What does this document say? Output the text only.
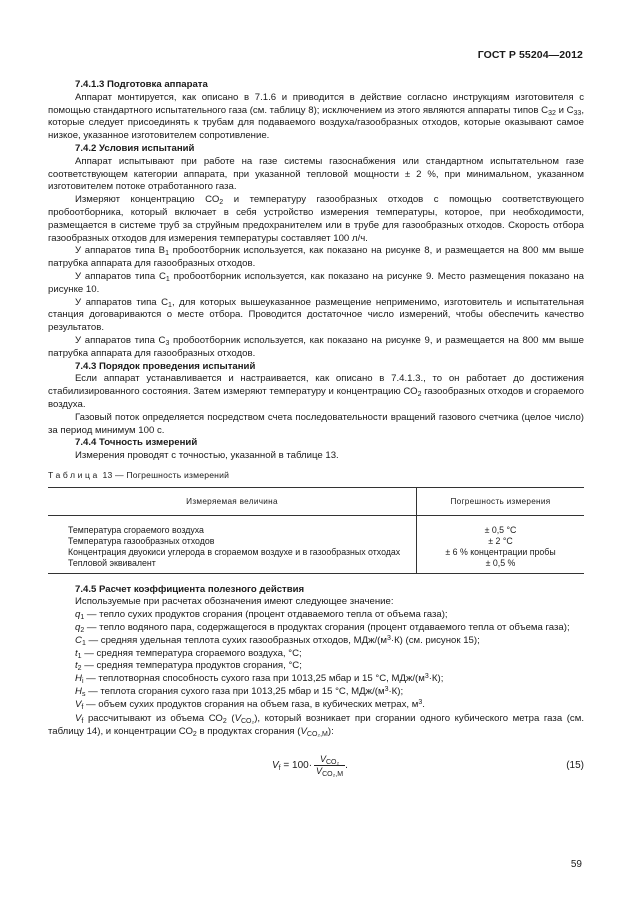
ГОСТ Р 55204—2012

7.4.1.3 Подготовка аппарата

Аппарат монтируется, как описано в 7.1.6 и приводится в действие согласно инструкциям изготовителя с помощью стандартного испытательного газа (см. таблицу 8); исключением из этого являются аппараты типов $С_{32}$ и $С_{33}$, которые следует присоединять к трубам для подаваемого воздуха/газообразных отходов, которые оказывают самое низкое, указанное изготовителем сопротивление.

7.4.2 Условия испытаний

Аппарат испытывают при работе на газе системы газоснабжения или стандартном испытательном газе соответствующем категории аппарата, при указанной тепловой мощности ± 2 %, при минимальном, указанном изготовителем потоке отработанного газа.

Измеряют концентрацию $СО_2$ и температуру газообразных отходов с помощью соответствующего пробоотборника, который включает в себя устройство измерения температуры, которое, при необходимости, размещается в системе труб за струйным предохранителем или в трубе для газообразных отходов. Скорость отбора газообразных отходов для измерения температуры составляет 100 л/ч.

У аппаратов типа $В_1$ пробоотборник используется, как показано на рисунке 8, и размещается на 800 мм выше патрубка аппарата для газообразных отходов.

У аппаратов типа $С_1$ пробоотборник используется, как показано на рисунке 9. Место размещения показано на рисунке 10.

У аппаратов типа $С_1$, для которых вышеуказанное размещение неприменимо, изготовитель и испытательная станция договариваются о месте отбора. Проводится достаточное число измерений, чтобы обеспечить качество результатов.

У аппаратов типа $С_3$ пробоотборник используется, как показано на рисунке 9, и размещается на 800 мм выше патрубка аппарата для газообразных отходов.

7.4.3 Порядок проведения испытаний

Если аппарат устанавливается и настраивается, как описано в 7.4.1.3., то он работает до достижения стабилизированного состояния. Затем измеряют температуру и концентрацию $СО_2$ газообразных отходов и сгораемого воздуха.

Газовый поток определяется посредством счета последовательности вращений газового счетчика (целое число) за период минимум 100 с.

7.4.4 Точность измерений

Измерения проводят с точностью, указанной в таблице 13.

Таблица 13 — Погрешность измерений
Измеряемая величина	Погрешность измерения

Температура сгораемого воздуха	± 0,5 °С

Температура газообразных отходов	± 2 °С

Концентрация двуокиси углерода в сгораемом воздухе и в газообразных отходах	± 6 % концентрации пробы

Тепловой эквивалент	± 0,5 %

7.4.5 Расчет коэффициента полезного действия

Используемые при расчетах обозначения имеют следующее значение:

$q_1$ — тепло сухих продуктов сгорания (процент отдаваемого тепла от объема газа);

$q_2$ — тепло водяного пара, содержащегося в продуктах сгорания (процент отдаваемого тепла от объема газа);

$С_1$ — средняя удельная теплота сухих газообразных отходов, МДж/$(м^3\cdot К)$ (см. рисунок 15);

$t_1$ — средняя температура сгораемого воздуха, °С;

$t_2$ — средняя температура продуктов сгорания, °С;

$Н_i$ — теплотворная способность сухого газа при 1013,25 мбар и 15 °С, МДж/$(м^3\cdot К)$;

$Н_s$ — теплота сгорания сухого газа при 1013,25 мбар и 15 °С, МДж/$(м^3\cdot К)$;

$V_f$ — объем сухих продуктов сгорания на объем газа, в кубических метрах, $м^3$.

$V_f$ рассчитывают из объема $СО_2$ $(V_{CO_2})$, который возникает при сгорании одного кубического метра газа (см. таблицу 14), и концентрации $СО_2$ в продуктах сгорания $(V_{CO_2,M})$:

$V_f = 100\cdot \frac{V_{CO_2}}{V_{CO_2,M}}$ .	(15)
59
